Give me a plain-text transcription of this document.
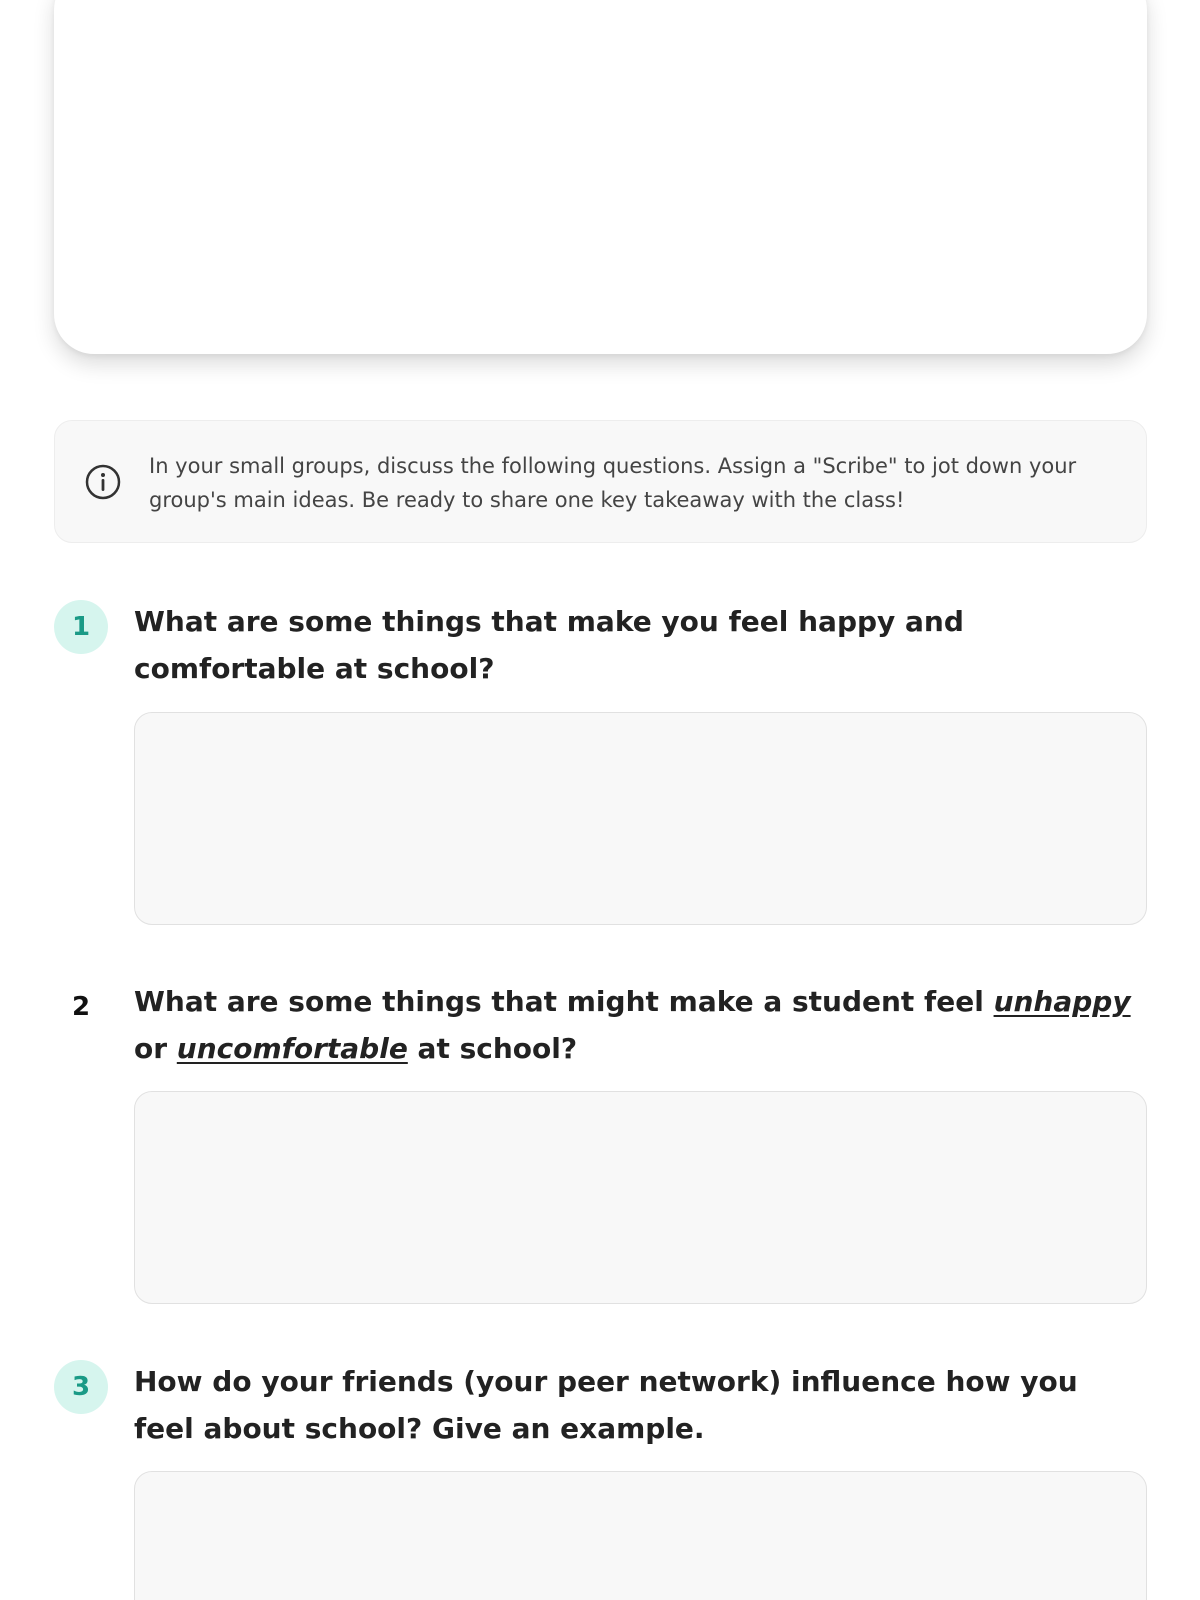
In your small groups, discuss the following questions. Assign a "Scribe" to jot down your group's main ideas. Be ready to share one key takeaway with the class!

1	What are some things that make you feel happy and comfortable at school?

2	What are some things that might make a student feel unhappy or uncomfortable at school?

3	How do your friends (your peer network) influence how you feel about school? Give an example.
